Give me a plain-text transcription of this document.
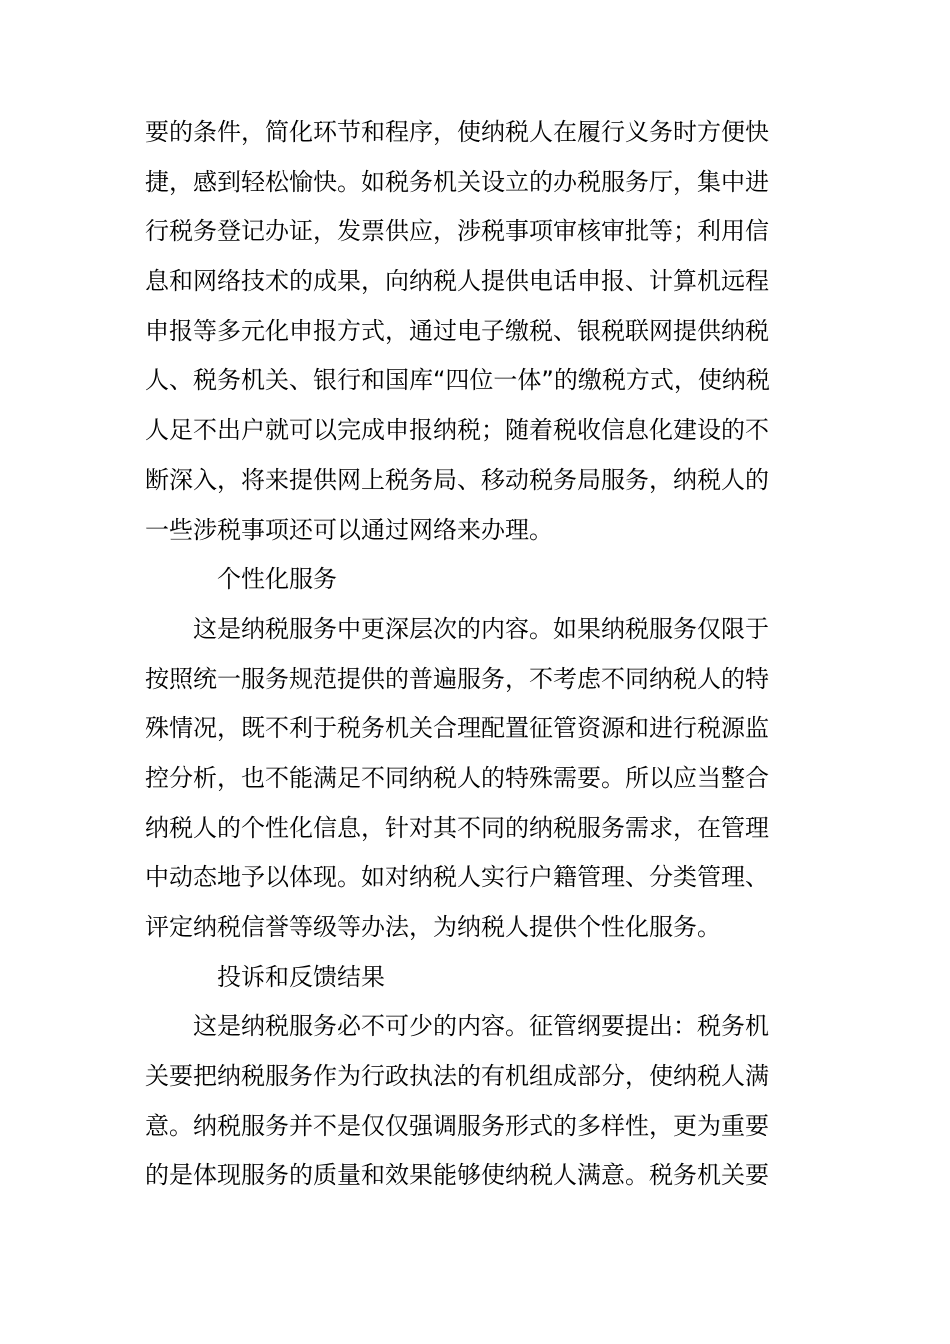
要的条件，简化环节和程序，使纳税人在履行义务时方便快
捷，感到轻松愉快。如税务机关设立的办税服务厅，集中进
行税务登记办证，发票供应，涉税事项审核审批等；利用信
息和网络技术的成果，向纳税人提供电话申报、计算机远程
申报等多元化申报方式，通过电子缴税、银税联网提供纳税
人、税务机关、银行和国库“四位一体”的缴税方式，使纳税
人足不出户就可以完成申报纳税；随着税收信息化建设的不
断深入，将来提供网上税务局、移动税务局服务，纳税人的
一些涉税事项还可以通过网络来办理。
个性化服务
这是纳税服务中更深层次的内容。如果纳税服务仅限于
按照统一服务规范提供的普遍服务，不考虑不同纳税人的特
殊情况，既不利于税务机关合理配置征管资源和进行税源监
控分析，也不能满足不同纳税人的特殊需要。所以应当整合
纳税人的个性化信息，针对其不同的纳税服务需求，在管理
中动态地予以体现。如对纳税人实行户籍管理、分类管理、
评定纳税信誉等级等办法，为纳税人提供个性化服务。
投诉和反馈结果
这是纳税服务必不可少的内容。征管纲要提出：税务机
关要把纳税服务作为行政执法的有机组成部分，使纳税人满
意。纳税服务并不是仅仅强调服务形式的多样性，更为重要
的是体现服务的质量和效果能够使纳税人满意。税务机关要
